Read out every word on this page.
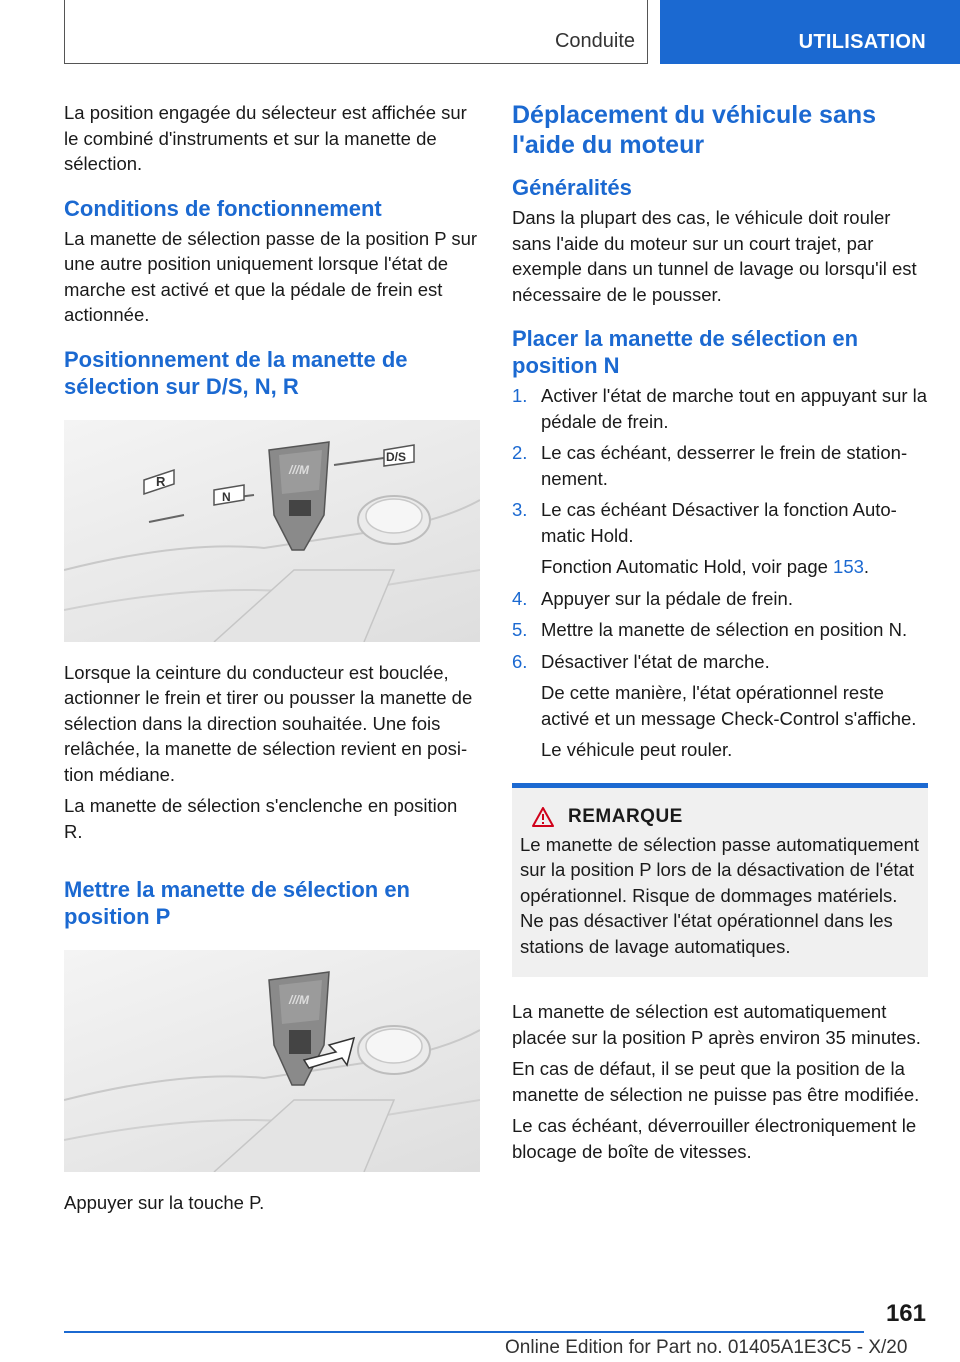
Conduite	UTILISATION

La position engagée du sélecteur est affichée sur le combiné d'instruments et sur la manette de sélection.

Conditions de fonctionnement

La manette de sélection passe de la position P sur une autre position uniquement lorsque l'état de marche est activé et que la pédale de frein est actionnée.

Positionnement de la manette de sélection sur D/S, N, R
R
N
D/S
///M

Lorsque la ceinture du conducteur est bouclée, actionner le frein et tirer ou pousser la manette de sélection dans la direction souhaitée. Une fois relâchée, la manette de sélection revient en position médiane.

La manette de sélection s'enclenche en position R.

Mettre la manette de sélection en position P
///M

Appuyer sur la touche P.

Déplacement du véhicule sans l'aide du moteur
Généralités

Dans la plupart des cas, le véhicule doit rouler sans l'aide du moteur sur un court trajet, par exemple dans un tunnel de lavage ou lorsqu'il est nécessaire de le pousser.

Placer la manette de sélection en position N
1. Activer l'état de marche tout en appuyant sur la pédale de frein.
2. Le cas échéant, desserrer le frein de stationnement.
3. Le cas échéant Désactiver la fonction Automatic Hold.
Fonction Automatic Hold, voir page 153.
4. Appuyer sur la pédale de frein.
5. Mettre la manette de sélection en position N.
6. Désactiver l'état de marche.
De cette manière, l'état opérationnel reste activé et un message Check-Control s'affiche.
Le véhicule peut rouler.
REMARQUE

Le manette de sélection passe automatiquement sur la position P lors de la désactivation de l'état opérationnel. Risque de dommages matériels. Ne pas désactiver l'état opérationnel dans les stations de lavage automatiques.

La manette de sélection est automatiquement placée sur la position P après environ 35 minutes.

En cas de défaut, il se peut que la position de la manette de sélection ne puisse pas être modifiée.

Le cas échéant, déverrouiller électroniquement le blocage de boîte de vitesses.

161
Online Edition for Part no. 01405A1E3C5 - X/20
